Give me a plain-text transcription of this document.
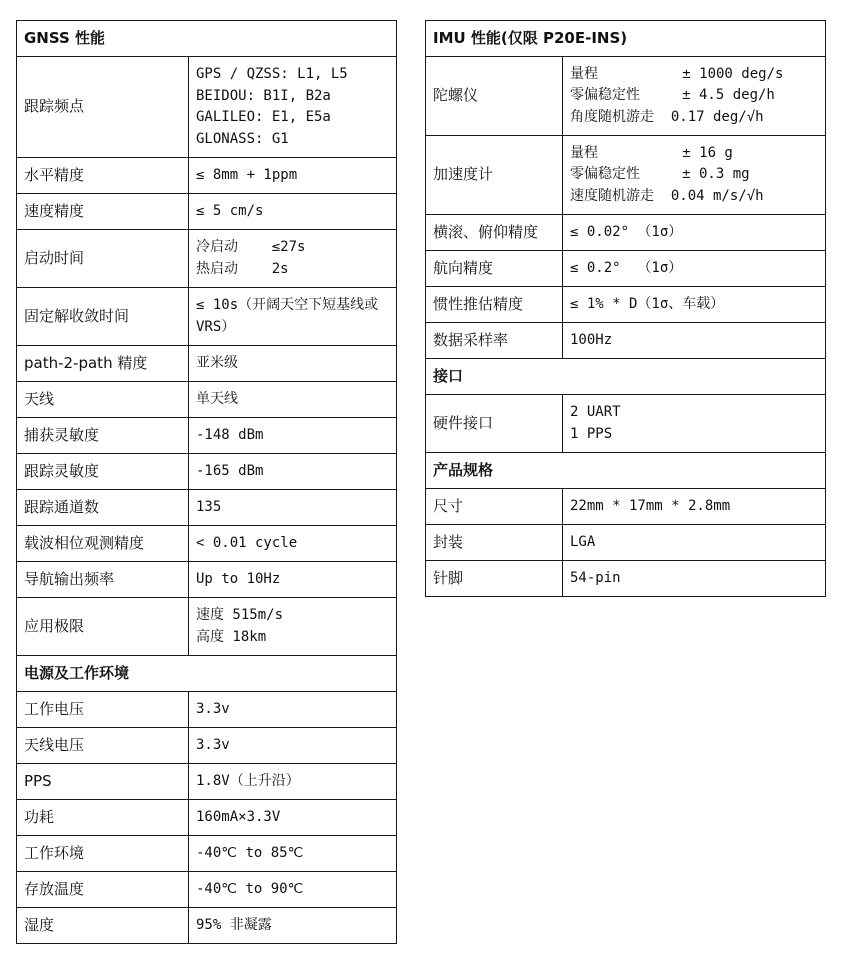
GNSS 性能	
跟踪频点	GPS / QZSS: L1, L5
BEIDOU: B1I, B2a
GALILEO: E1, E5a
GLONASS: G1

水平精度	≤ 8mm + 1ppm

速度精度	≤ 5 cm/s

启动时间	冷启动    ≤27s
热启动    2s

固定解收敛时间	≤ 10s（开阔天空下短基线或 VRS）

path-2-path 精度	亚米级

天线	单天线

捕获灵敏度	-148 dBm

跟踪灵敏度	-165 dBm

跟踪通道数	135

载波相位观测精度	< 0.01 cycle

导航输出频率	Up to 10Hz

应用极限	速度 515m/s
高度 18km

电源及工作环境	
工作电压	3.3v

天线电压	3.3v

PPS	1.8V（上升沿）

功耗	160mA×3.3V

工作环境	-40℃ to 85℃

存放温度	-40℃ to 90℃

湿度	95% 非凝露
IMU 性能(仅限 P20E-INS)	
陀螺仪	量程          ± 1000 deg/s
零偏稳定性     ± 4.5 deg/h
角度随机游走  0.17 deg/√h

加速度计	量程          ± 16 g
零偏稳定性     ± 0.3 mg
速度随机游走  0.04 m/s/√h

横滚、俯仰精度	≤ 0.02° （1σ）

航向精度	≤ 0.2°  （1σ）

惯性推估精度	≤ 1% * D（1σ、车载）

数据采样率	100Hz

接口	
硬件接口	2 UART
1 PPS

产品规格	
尺寸	22mm * 17mm * 2.8mm

封装	LGA

针脚	54-pin
